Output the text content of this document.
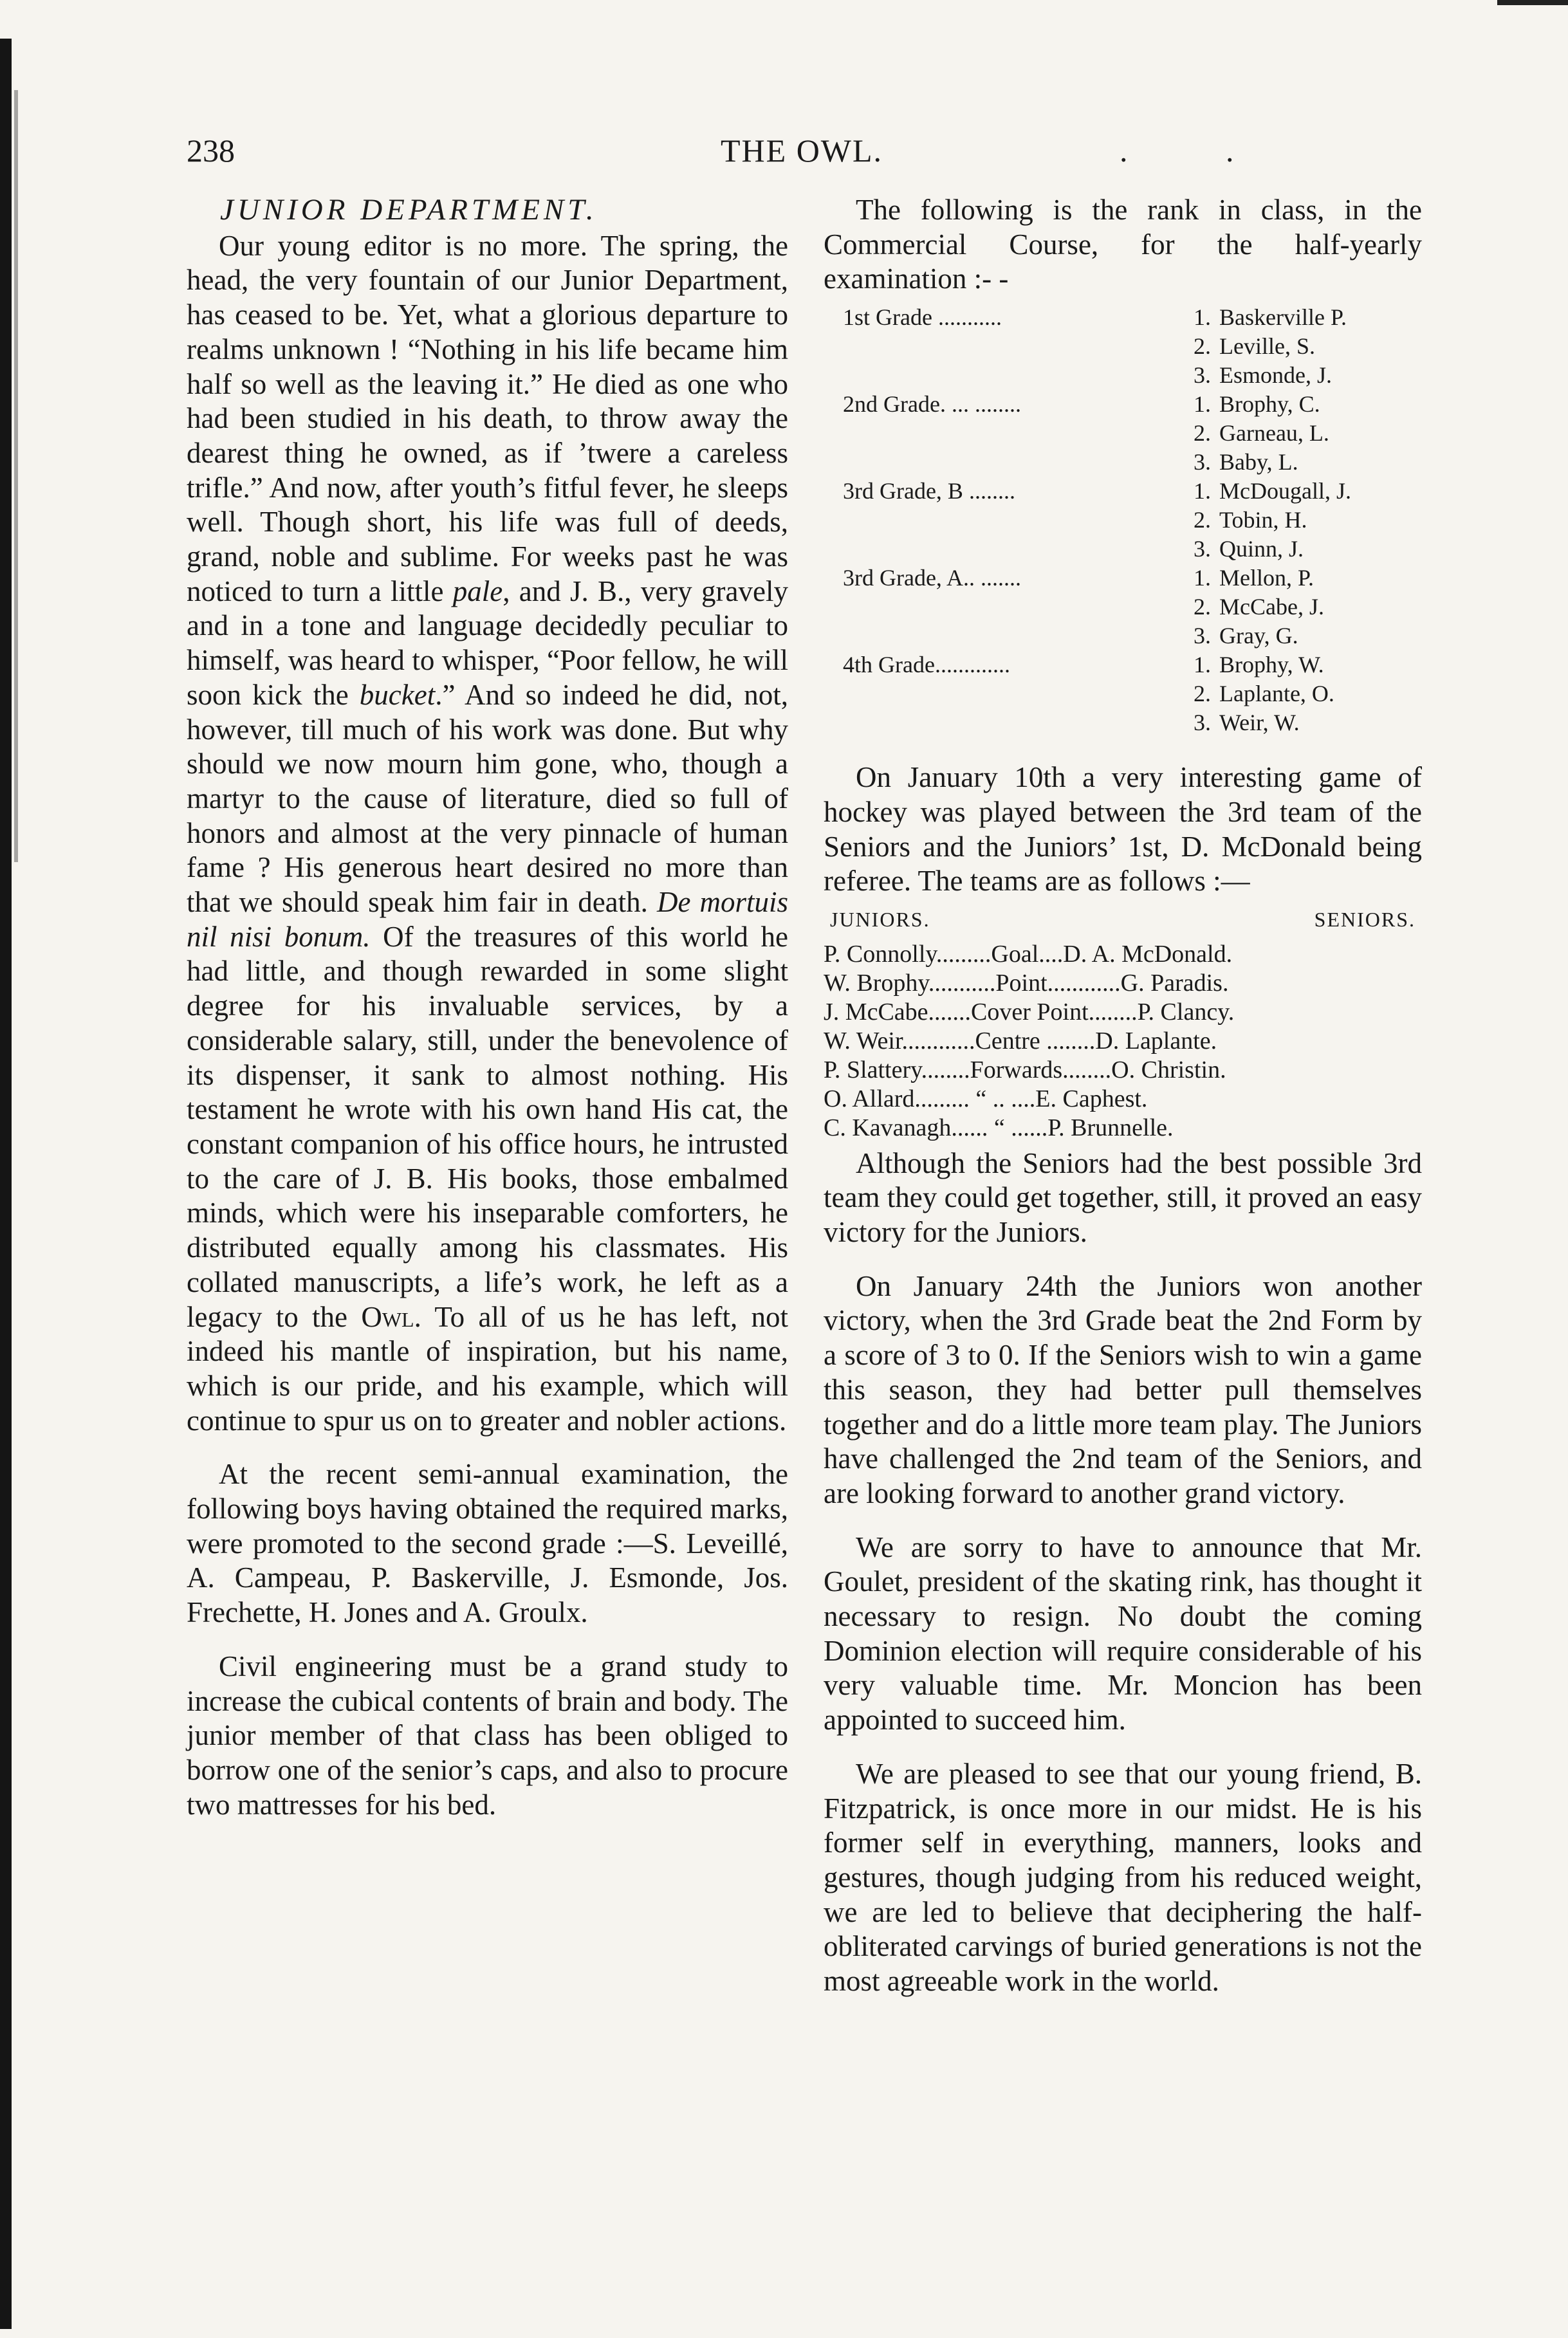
238	THE OWL.	. .
JUNIOR DEPARTMENT.

Our young editor is no more. The spring, the head, the very fountain of our Junior Department, has ceased to be. Yet, what a glorious departure to realms unknown ! “Nothing in his life became him half so well as the leaving it.” He died as one who had been studied in his death, to throw away the dearest thing he owned, as if ’twere a careless trifle.” And now, after youth’s fitful fever, he sleeps well. Though short, his life was full of deeds, grand, noble and sublime. For weeks past he was noticed to turn a little pale, and J. B., very gravely and in a tone and language decidedly peculiar to himself, was heard to whisper, “Poor fellow, he will soon kick the bucket.” And so indeed he did, not, however, till much of his work was done. But why should we now mourn him gone, who, though a martyr to the cause of literature, died so full of honors and almost at the very pinnacle of human fame ? His generous heart desired no more than that we should speak him fair in death. De mortuis nil nisi bonum. Of the treasures of this world he had little, and though rewarded in some slight degree for his invaluable services, by a considerable salary, still, under the benevolence of its dispenser, it sank to almost nothing. His testament he wrote with his own hand His cat, the constant companion of his office hours, he intrusted to the care of J. B. His books, those embalmed minds, which were his inseparable comforters, he distributed equally among his classmates. His collated manuscripts, a life’s work, he left as a legacy to the Owl. To all of us he has left, not indeed his mantle of inspiration, but his name, which is our pride, and his example, which will continue to spur us on to greater and nobler actions.

At the recent semi-annual examination, the following boys having obtained the required marks, were promoted to the second grade :—S. Leveillé, A. Campeau, P. Baskerville, J. Esmonde, Jos. Frechette, H. Jones and A. Groulx.

Civil engineering must be a grand study to increase the cubical contents of brain and body. The junior member of that class has been obliged to borrow one of the senior’s caps, and also to procure two mattresses for his bed.

The following is the rank in class, in the Commercial Course, for the half-yearly examination :- -

1st Grade ...........	1. Baskerville P.
2. Leville, S.
3. Esmonde, J.
2nd Grade. ... ........	1. Brophy, C.
2. Garneau, L.
3. Baby, L.
3rd Grade, B ........	1. McDougall, J.
2. Tobin, H.
3. Quinn, J.
3rd Grade, A.. .......	1. Mellon, P.
2. McCabe, J.
3. Gray, G.
4th Grade.............	1. Brophy, W.
2. Laplante, O.
3. Weir, W.

On January 10th a very interesting game of hockey was played between the 3rd team of the Seniors and the Juniors’ 1st, D. McDonald being referee. The teams are as follows :—

JUNIORS.	SENIORS.
P. Connolly.........Goal....D. A. McDonald.
W. Brophy...........Point............G. Paradis.
J. McCabe.......Cover Point........P. Clancy.
W. Weir............Centre ........D. Laplante.
P. Slattery........Forwards........O. Christin.
O. Allard......... “ .. ....E. Caphest.
C. Kavanagh...... “ ......P. Brunnelle.

Although the Seniors had the best possible 3rd team they could get together, still, it proved an easy victory for the Juniors.

On January 24th the Juniors won another victory, when the 3rd Grade beat the 2nd Form by a score of 3 to 0. If the Seniors wish to win a game this season, they had better pull themselves together and do a little more team play. The Juniors have challenged the 2nd team of the Seniors, and are looking forward to another grand victory.

We are sorry to have to announce that Mr. Goulet, president of the skating rink, has thought it necessary to resign. No doubt the coming Dominion election will require considerable of his very valuable time. Mr. Moncion has been appointed to succeed him.

We are pleased to see that our young friend, B. Fitzpatrick, is once more in our midst. He is his former self in everything, manners, looks and gestures, though judging from his reduced weight, we are led to believe that deciphering the half-obliterated carvings of buried generations is not the most agreeable work in the world.
